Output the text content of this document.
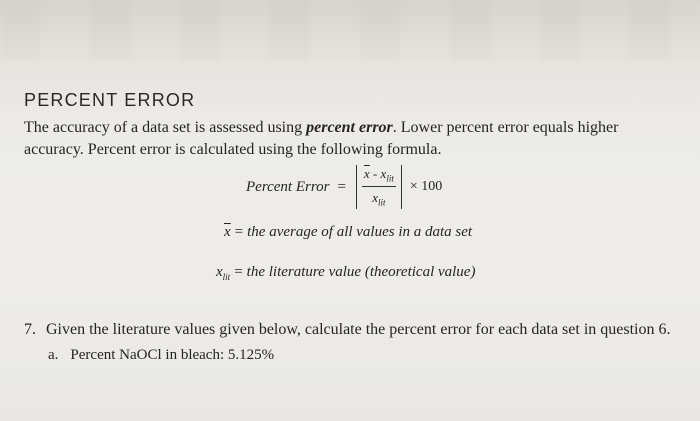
PERCENT ERROR

The accuracy of a data set is assessed using percent error. Lower percent error equals higher accuracy. Percent error is calculated using the following formula.

Percent Error = $\frac{\overline{x} - x_{lit}}{x_{lit}} \times 100$
$\overline{x}$ = the average of all values in a data set
$x_{lit}$ = the literature value (theoretical value)

7. Given the literature values given below, calculate the percent error for each data set in question 6.

a. Percent NaOCl in bleach: 5.125%
